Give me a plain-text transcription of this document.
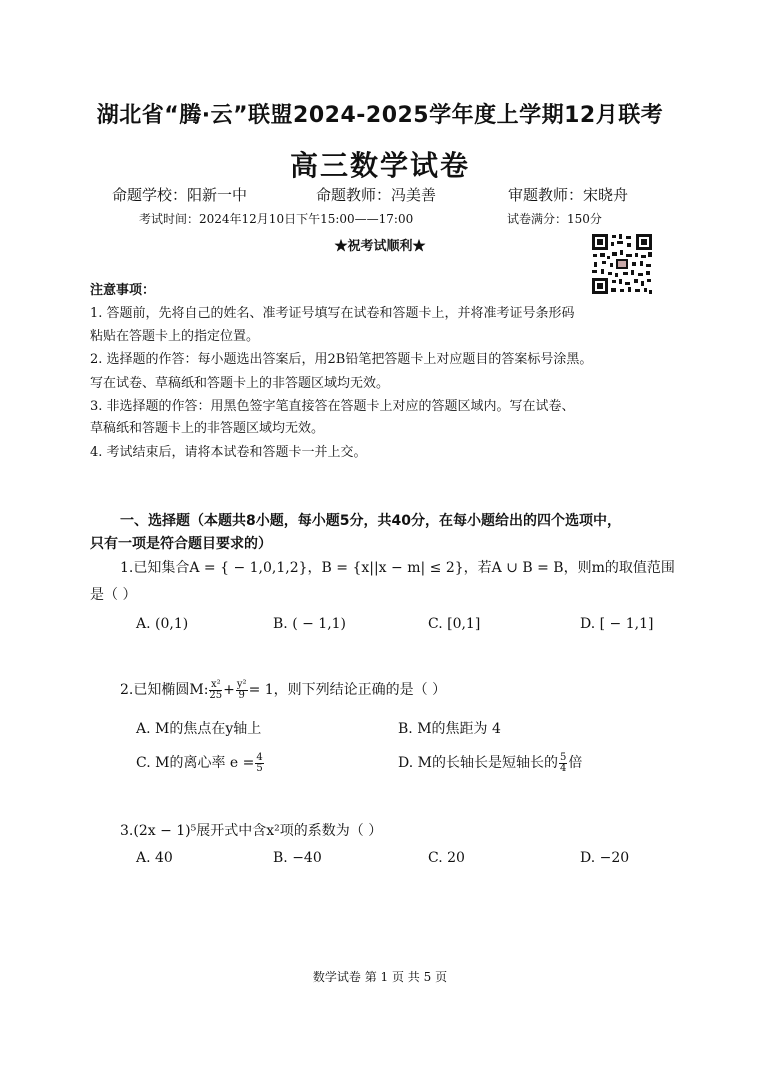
湖北省“腾·云”联盟2024-2025学年度上学期12月联考
高三数学试卷
命题学校：阳新一中	命题教师：冯美善	审题教师：宋晓舟
考试时间：2024年12月10日下午15:00——17:00	试卷满分：150分
★祝考试顺利★
注意事项：
1. 答题前，先将自己的姓名、准考证号填写在试卷和答题卡上，并将准考证号条形码
粘贴在答题卡上的指定位置。
2. 选择题的作答：每小题选出答案后，用2B铅笔把答题卡上对应题目的答案标号涂黑。
写在试卷、草稿纸和答题卡上的非答题区域均无效。
3. 非选择题的作答：用黑色签字笔直接答在答题卡上对应的答题区域内。写在试卷、
草稿纸和答题卡上的非答题区域均无效。
4. 考试结束后，请将本试卷和答题卡一并上交。
一、选择题（本题共8小题，每小题5分，共40分，在每小题给出的四个选项中，
只有一项是符合题目要求的）
1.已知集合A = { − 1,0,1,2}，B = {x||x − m| ≤ 2}，若A ∪ B = B，则m的取值范围
是（ ）
A. (0,1)	B. ( − 1,1)	C. [0,1]	D. [ − 1,1]
2.已知椭圆M: $\frac{\text{x²}}{25} + \frac{\text{y²}}{9} = 1$，则下列结论正确的是（ ）
A. M的焦点在y轴上	B. M的焦距为 4
C. M的离心率 $e = \frac{4}{5}$	D. M的长轴长是短轴长的 $\frac{5}{4}$ 倍
3.(2x − 1)⁵展开式中含x²项的系数为（ ）
A. 40	B. −40	C. 20	D. −20
数学试卷 第 1 页 共 5 页
